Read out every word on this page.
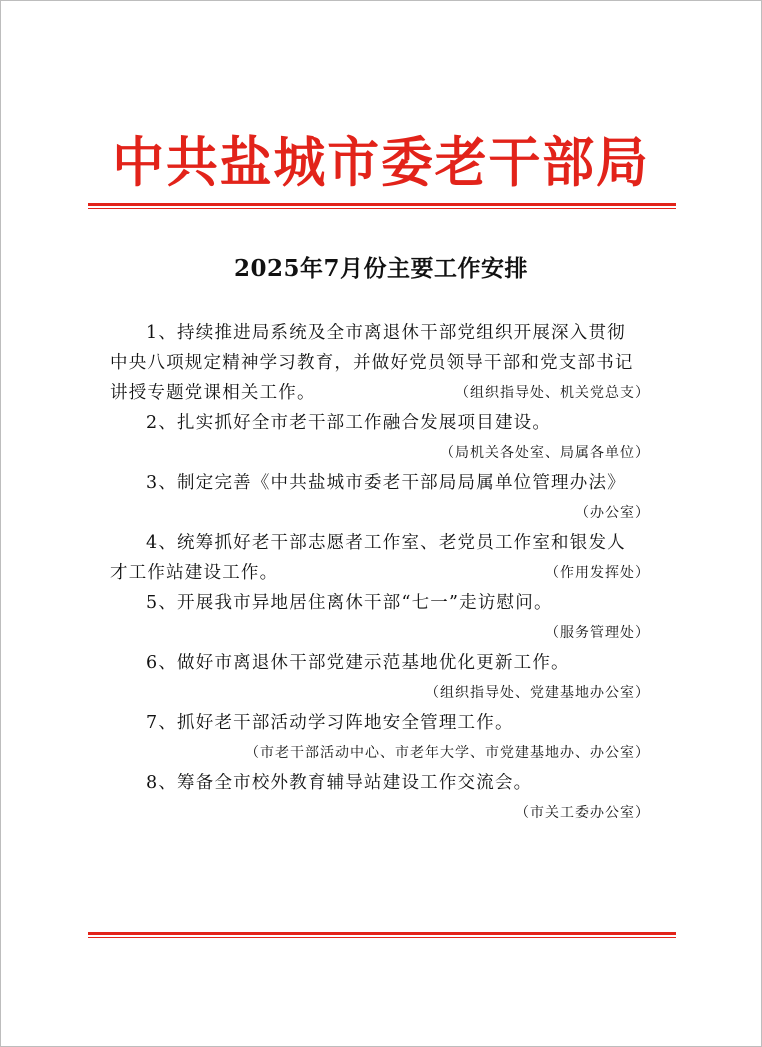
中共盐城市委老干部局
2025年7月份主要工作安排

1、持续推进局系统及全市离退休干部党组织开展深入贯彻

中央八项规定精神学习教育，并做好党员领导干部和党支部书记

讲授专题党课相关工作。	（组织指导处、机关党总支）

2、扎实抓好全市老干部工作融合发展项目建设。

（局机关各处室、局属各单位）

3、制定完善《中共盐城市委老干部局局属单位管理办法》

（办公室）

4、统筹抓好老干部志愿者工作室、老党员工作室和银发人

才工作站建设工作。	（作用发挥处）

5、开展我市异地居住离休干部“七一”走访慰问。

（服务管理处）

6、做好市离退休干部党建示范基地优化更新工作。

（组织指导处、党建基地办公室）

7、抓好老干部活动学习阵地安全管理工作。

（市老干部活动中心、市老年大学、市党建基地办、办公室）

8、筹备全市校外教育辅导站建设工作交流会。

（市关工委办公室）
